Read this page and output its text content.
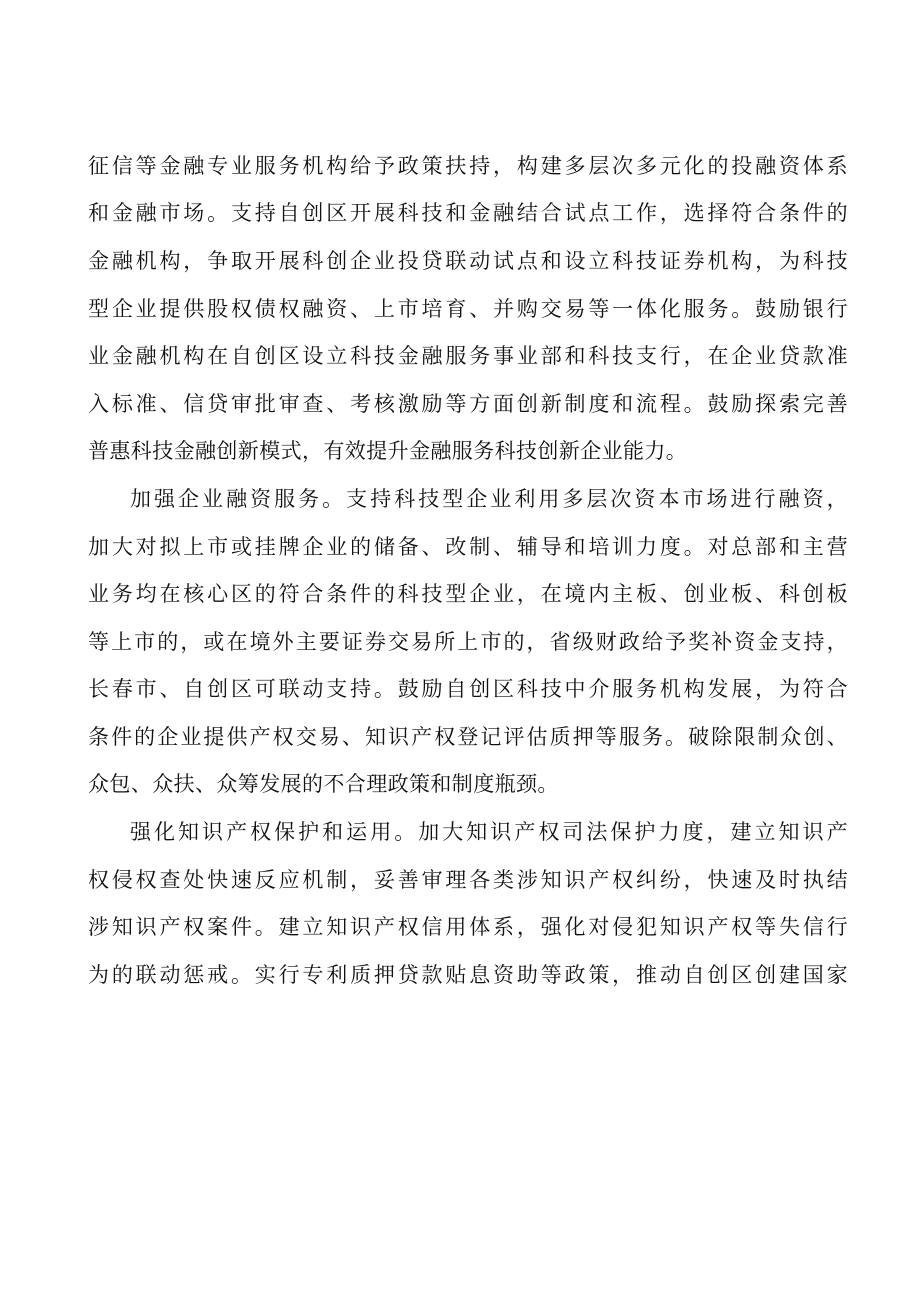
征信等金融专业服务机构给予政策扶持，构建多层次多元化的投融资体系
和金融市场。支持自创区开展科技和金融结合试点工作，选择符合条件的
金融机构，争取开展科创企业投贷联动试点和设立科技证券机构，为科技
型企业提供股权债权融资、上市培育、并购交易等一体化服务。鼓励银行
业金融机构在自创区设立科技金融服务事业部和科技支行，在企业贷款准
入标准、信贷审批审查、考核激励等方面创新制度和流程。鼓励探索完善
普惠科技金融创新模式，有效提升金融服务科技创新企业能力。
加强企业融资服务。支持科技型企业利用多层次资本市场进行融资，
加大对拟上市或挂牌企业的储备、改制、辅导和培训力度。对总部和主营
业务均在核心区的符合条件的科技型企业，在境内主板、创业板、科创板
等上市的，或在境外主要证券交易所上市的，省级财政给予奖补资金支持，
长春市、自创区可联动支持。鼓励自创区科技中介服务机构发展，为符合
条件的企业提供产权交易、知识产权登记评估质押等服务。破除限制众创、
众包、众扶、众筹发展的不合理政策和制度瓶颈。
强化知识产权保护和运用。加大知识产权司法保护力度，建立知识产
权侵权查处快速反应机制，妥善审理各类涉知识产权纠纷，快速及时执结
涉知识产权案件。建立知识产权信用体系，强化对侵犯知识产权等失信行
为的联动惩戒。实行专利质押贷款贴息资助等政策，推动自创区创建国家
